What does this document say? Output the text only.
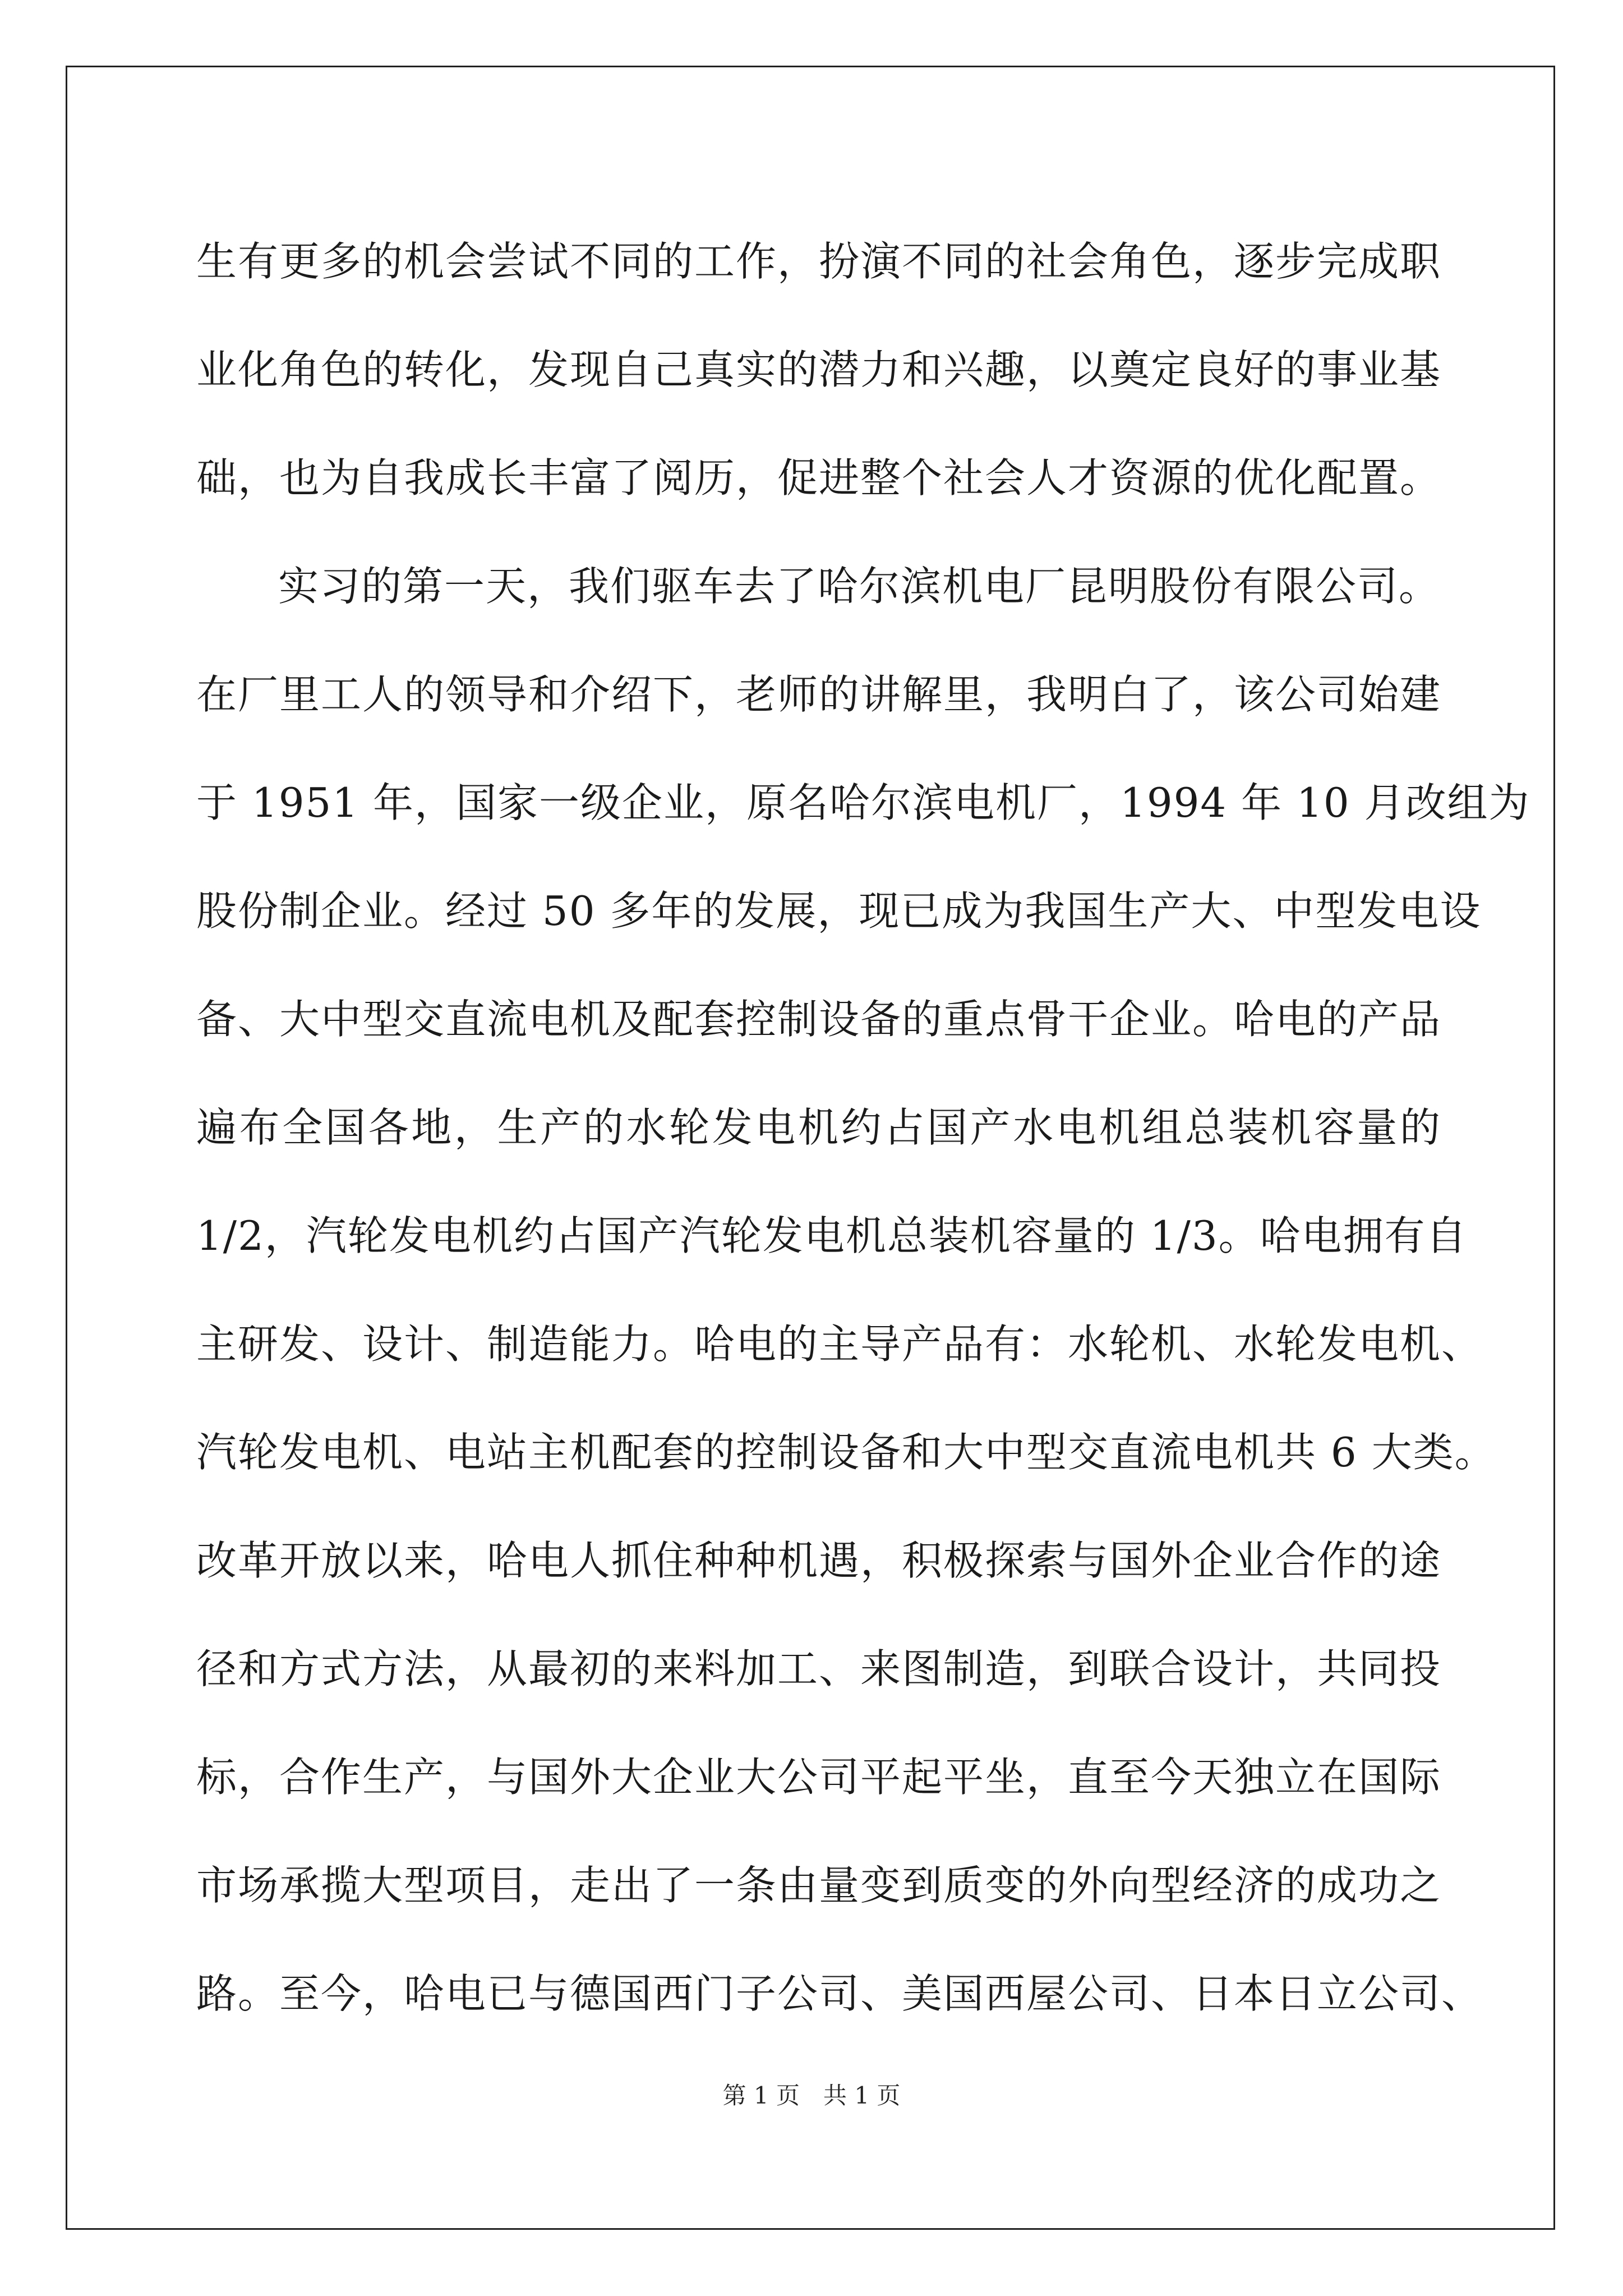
生有更多的机会尝试不同的工作，扮演不同的社会角色，逐步完成职
业化角色的转化，发现自己真实的潜力和兴趣，以奠定良好的事业基
础，也为自我成长丰富了阅历，促进整个社会人才资源的优化配置。
实习的第一天，我们驱车去了哈尔滨机电厂昆明股份有限公司。
在厂里工人的领导和介绍下，老师的讲解里，我明白了，该公司始建
于 1951 年，国家一级企业，原名哈尔滨电机厂，1994 年 10 月改组为
股份制企业。经过 50 多年的发展，现已成为我国生产大、中型发电设
备、大中型交直流电机及配套控制设备的重点骨干企业。哈电的产品
遍布全国各地，生产的水轮发电机约占国产水电机组总装机容量的
1/2，汽轮发电机约占国产汽轮发电机总装机容量的 1/3。哈电拥有自
主研发、设计、制造能力。哈电的主导产品有：水轮机、水轮发电机、
汽轮发电机、电站主机配套的控制设备和大中型交直流电机共 6 大类。
改革开放以来，哈电人抓住种种机遇，积极探索与国外企业合作的途
径和方式方法，从最初的来料加工、来图制造，到联合设计，共同投
标，合作生产，与国外大企业大公司平起平坐，直至今天独立在国际
市场承揽大型项目，走出了一条由量变到质变的外向型经济的成功之
路。至今，哈电已与德国西门子公司、美国西屋公司、日本日立公司、
第 1 页　共 1 页
